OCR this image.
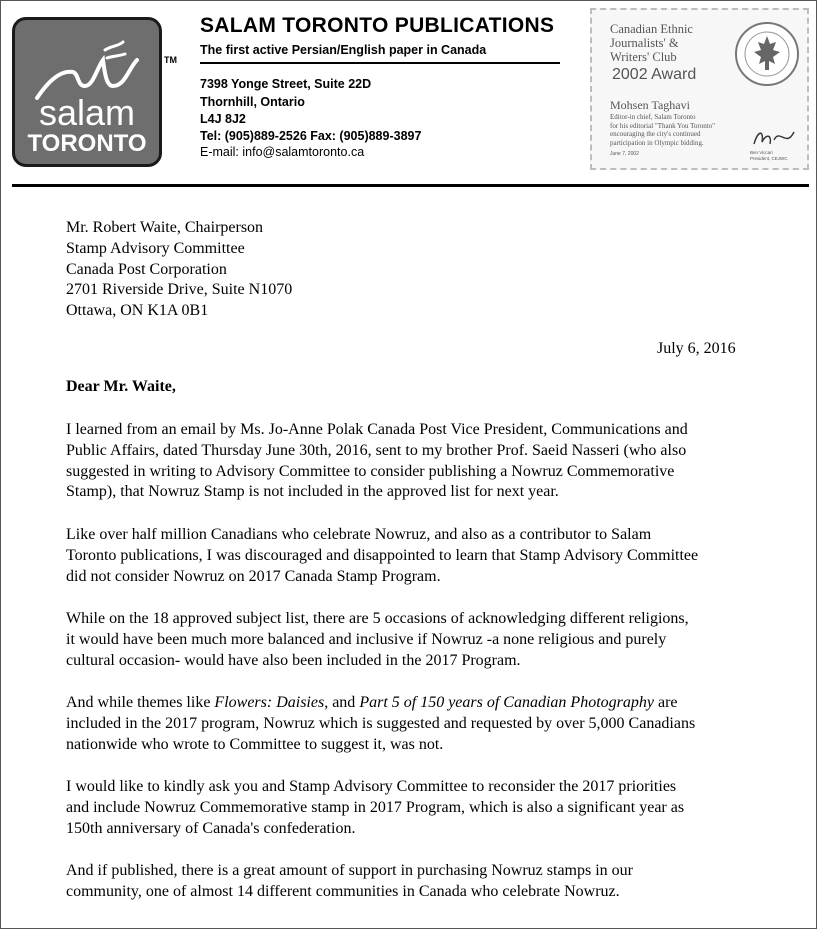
salam
TORONTO
TM
SALAM TORONTO PUBLICATIONS
The first active Persian/English paper in Canada
7398 Yonge Street, Suite 22D
Thornhill, Ontario
L4J 8J2
Tel: (905)889-2526 Fax: (905)889-3897
E-mail: info@salamtoronto.ca
Canadian Ethnic
Journalists' &
Writers' Club
2002 Award
Mohsen Taghavi
Editor-in chief, Salam Toronto
for his editorial "Thank You Toronto"
encouraging the city's continued
participation in Olympic bidding.
June 7, 2002	Ben Viccari
President, CEJWC
Mr. Robert Waite, Chairperson
Stamp Advisory Committee
Canada Post Corporation
2701 Riverside Drive, Suite N1070
Ottawa, ON K1A 0B1
July 6, 2016
Dear Mr. Waite,

I learned from an email by Ms. Jo-Anne Polak Canada Post Vice President, Communications and
Public Affairs, dated Thursday June 30th, 2016, sent to my brother Prof. Saeid Nasseri (who also
suggested in writing to Advisory Committee to consider publishing a Nowruz Commemorative
Stamp), that Nowruz Stamp is not included in the approved list for next year.

Like over half million Canadians who celebrate Nowruz, and also as a contributor to Salam
Toronto publications, I was discouraged and disappointed to learn that Stamp Advisory Committee
did not consider Nowruz on 2017 Canada Stamp Program.

While on the 18 approved subject list, there are 5 occasions of acknowledging different religions,
it would have been much more balanced and inclusive if Nowruz -a none religious and purely
cultural occasion- would have also been included in the 2017 Program.

And while themes like Flowers: Daisies, and Part 5 of 150 years of Canadian Photography are
included in the 2017 program, Nowruz which is suggested and requested by over 5,000 Canadians
nationwide who wrote to Committee to suggest it, was not.

I would like to kindly ask you and Stamp Advisory Committee to reconsider the 2017 priorities
and include Nowruz Commemorative stamp in 2017 Program, which is also a significant year as
150th anniversary of Canada's confederation.

And if published, there is a great amount of support in purchasing Nowruz stamps in our
community, one of almost 14 different communities in Canada who celebrate Nowruz.
